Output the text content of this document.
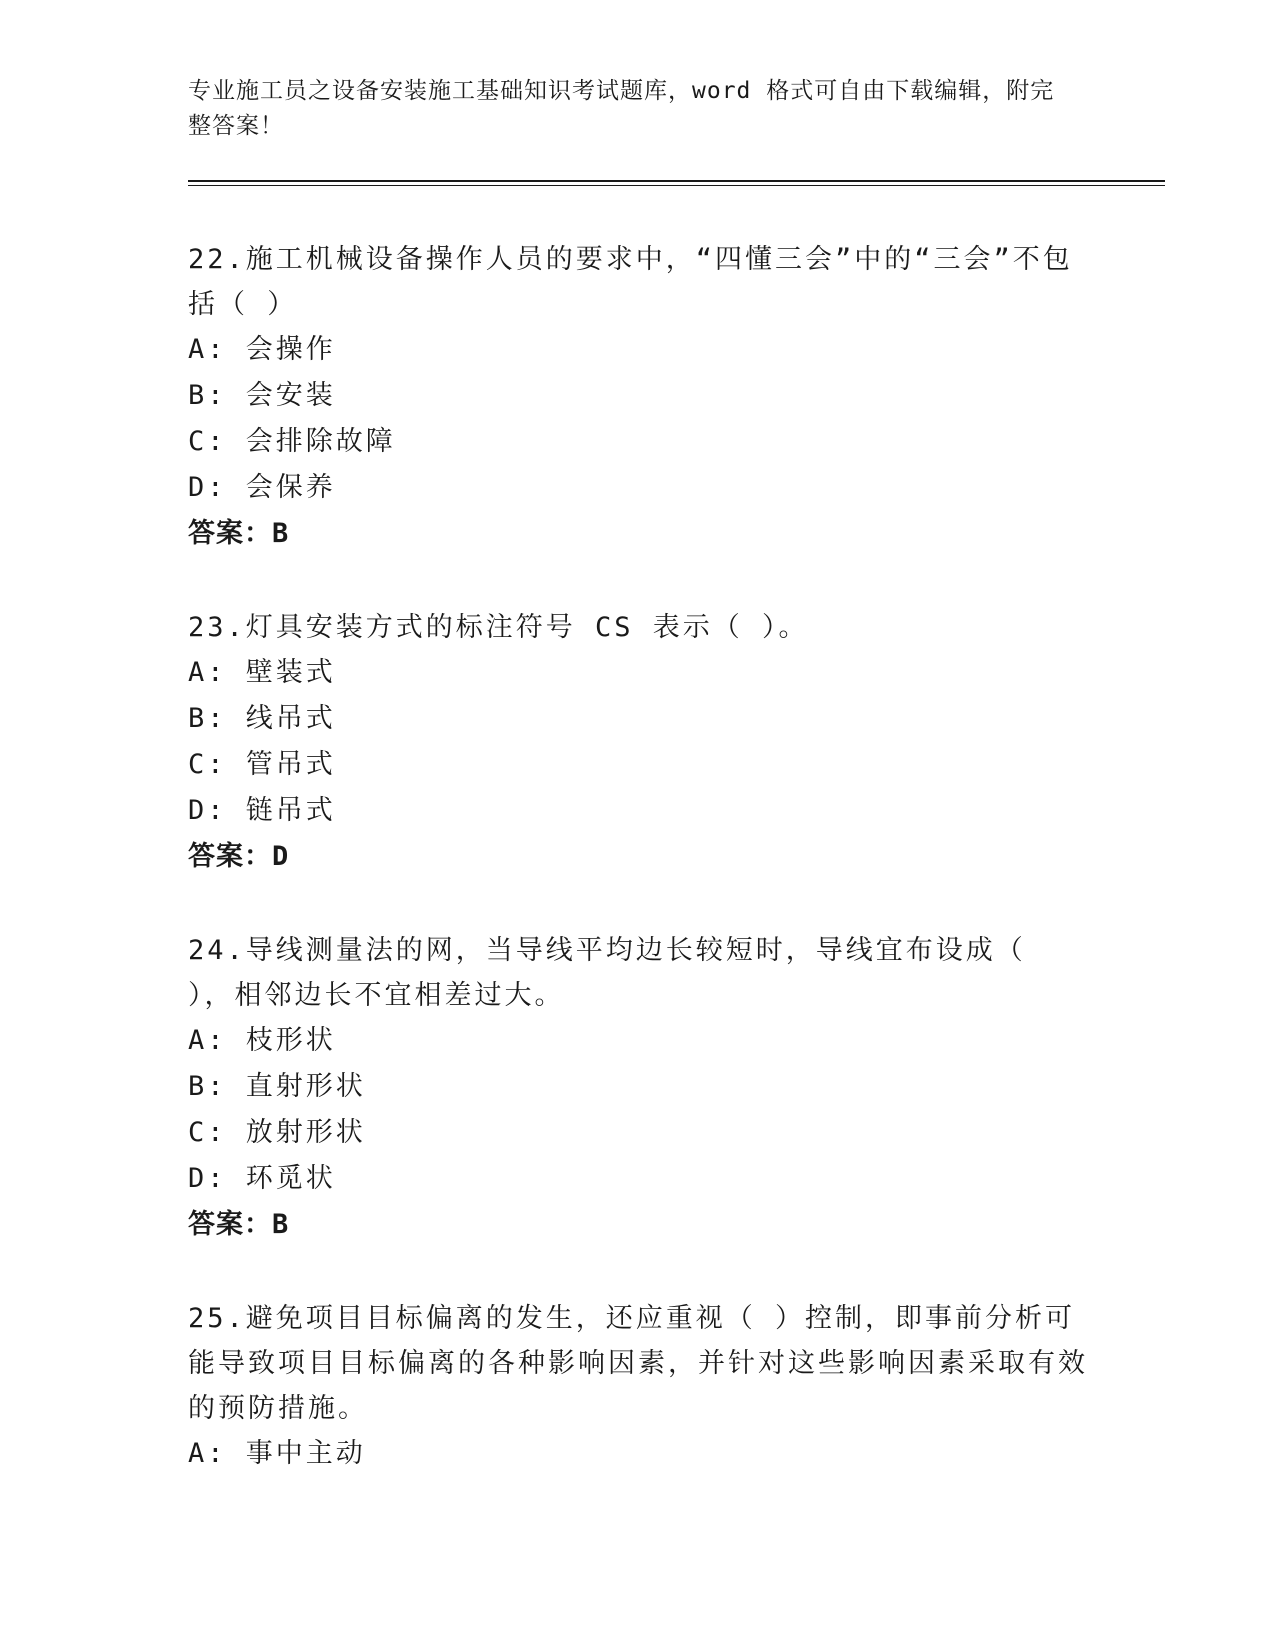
专业施工员之设备安装施工基础知识考试题库，word 格式可自由下载编辑，附完整答案！

22.施工机械设备操作人员的要求中，“四懂三会”中的“三会”不包括（ ）

A: 会操作

B: 会安装

C: 会排除故障

D: 会保养

答案：B

23.灯具安装方式的标注符号 CS 表示（ ）。

A: 壁装式

B: 线吊式

C: 管吊式

D: 链吊式

答案：D

24.导线测量法的网，当导线平均边长较短时，导线宜布设成（ ），相邻边长不宜相差过大。

A: 枝形状

B: 直射形状

C: 放射形状

D: 环觅状

答案：B

25.避免项目目标偏离的发生，还应重视（ ）控制，即事前分析可能导致项目目标偏离的各种影响因素，并针对这些影响因素采取有效的预防措施。

A: 事中主动
